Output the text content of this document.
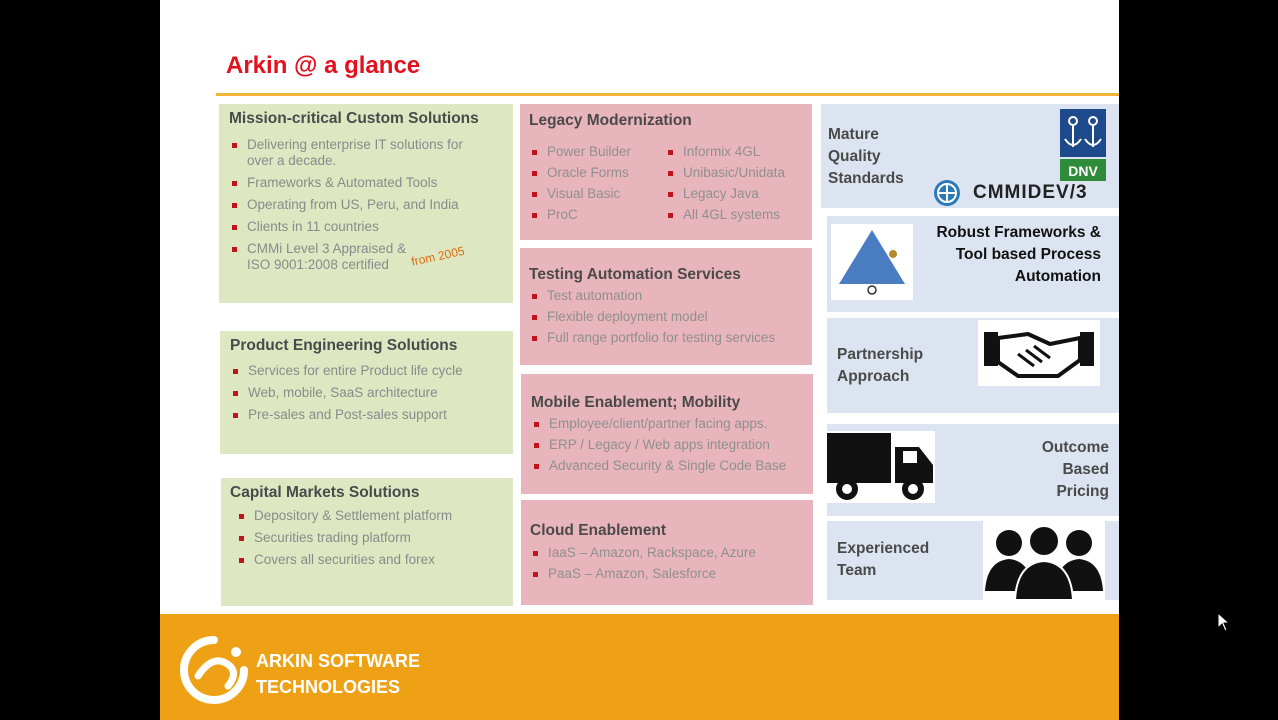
Arkin @ a glance
Mission-critical Custom Solutions
Delivering enterprise IT solutions for over a decade.
Frameworks & Automated Tools
Operating from US, Peru, and India
Clients in 11 countries
CMMi Level 3 Appraised & ISO 9001:2008 certified	from 2005
Product Engineering Solutions
Services for entire Product life cycle
Web, mobile, SaaS architecture
Pre-sales and Post-sales support
Capital Markets Solutions
Depository & Settlement platform
Securities trading platform
Covers all securities and forex
Legacy Modernization
Power Builder
Oracle Forms
Visual Basic
ProC
Informix 4GL
Unibasic/Unidata
Legacy Java
All 4GL systems
Testing Automation Services
Test automation
Flexible deployment model
Full range portfolio for testing services
Mobile Enablement; Mobility
Employee/client/partner facing apps.
ERP / Legacy / Web apps integration
Advanced Security & Single Code Base
Cloud Enablement
IaaS – Amazon, Rackspace, Azure
PaaS – Amazon, Salesforce
Mature
Quality
Standards	DNV
CMMIDEV/3
Robust Frameworks &
Tool based Process
Automation
Partnership
Approach
Outcome
Based
Pricing
Experienced
Team
ARKIN SOFTWARE
TECHNOLOGIES
